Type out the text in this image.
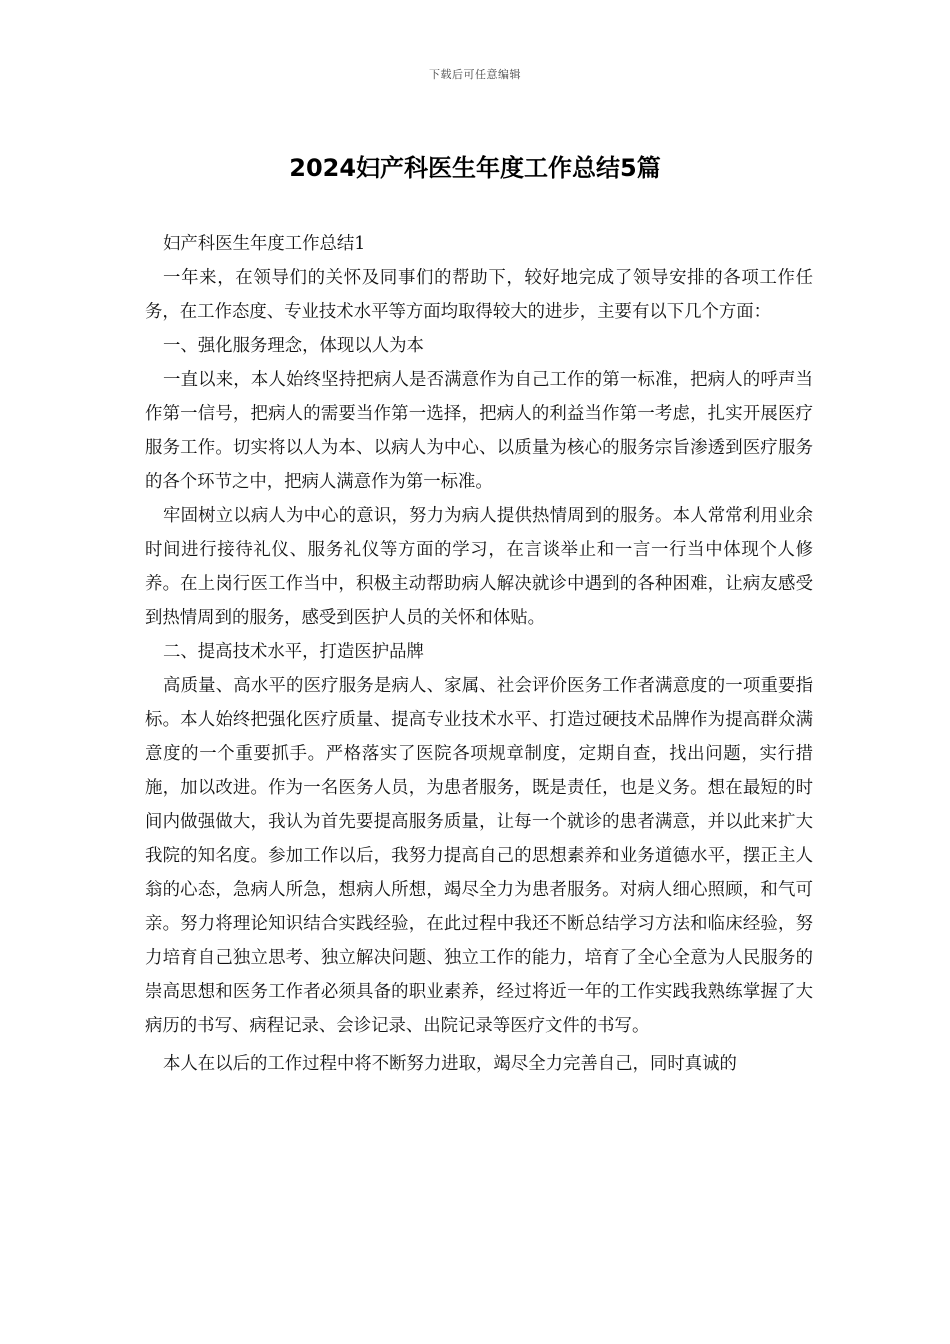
下载后可任意编辑
2024妇产科医生年度工作总结5篇

妇产科医生年度工作总结1

一年来，在领导们的关怀及同事们的帮助下，较好地完成了领导安排的各项工作任务，在工作态度、专业技术水平等方面均取得较大的进步，主要有以下几个方面：

一、强化服务理念，体现以人为本

一直以来，本人始终坚持把病人是否满意作为自己工作的第一标准，把病人的呼声当作第一信号，把病人的需要当作第一选择，把病人的利益当作第一考虑，扎实开展医疗服务工作。切实将以人为本、以病人为中心、以质量为核心的服务宗旨渗透到医疗服务的各个环节之中，把病人满意作为第一标准。

牢固树立以病人为中心的意识，努力为病人提供热情周到的服务。本人常常利用业余时间进行接待礼仪、服务礼仪等方面的学习，在言谈举止和一言一行当中体现个人修养。在上岗行医工作当中，积极主动帮助病人解决就诊中遇到的各种困难，让病友感受到热情周到的服务，感受到医护人员的关怀和体贴。

二、提高技术水平，打造医护品牌

高质量、高水平的医疗服务是病人、家属、社会评价医务工作者满意度的一项重要指标。本人始终把强化医疗质量、提高专业技术水平、打造过硬技术品牌作为提高群众满意度的一个重要抓手。严格落实了医院各项规章制度，定期自查，找出问题，实行措施，加以改进。作为一名医务人员，为患者服务，既是责任，也是义务。想在最短的时间内做强做大，我认为首先要提高服务质量，让每一个就诊的患者满意，并以此来扩大我院的知名度。参加工作以后，我努力提高自己的思想素养和业务道德水平，摆正主人翁的心态，急病人所急，想病人所想，竭尽全力为患者服务。对病人细心照顾，和气可亲。努力将理论知识结合实践经验，在此过程中我还不断总结学习方法和临床经验，努力培育自己独立思考、独立解决问题、独立工作的能力，培育了全心全意为人民服务的崇高思想和医务工作者必须具备的职业素养，经过将近一年的工作实践我熟练掌握了大病历的书写、病程记录、会诊记录、出院记录等医疗文件的书写。

本人在以后的工作过程中将不断努力进取，竭尽全力完善自己，同时真诚的
